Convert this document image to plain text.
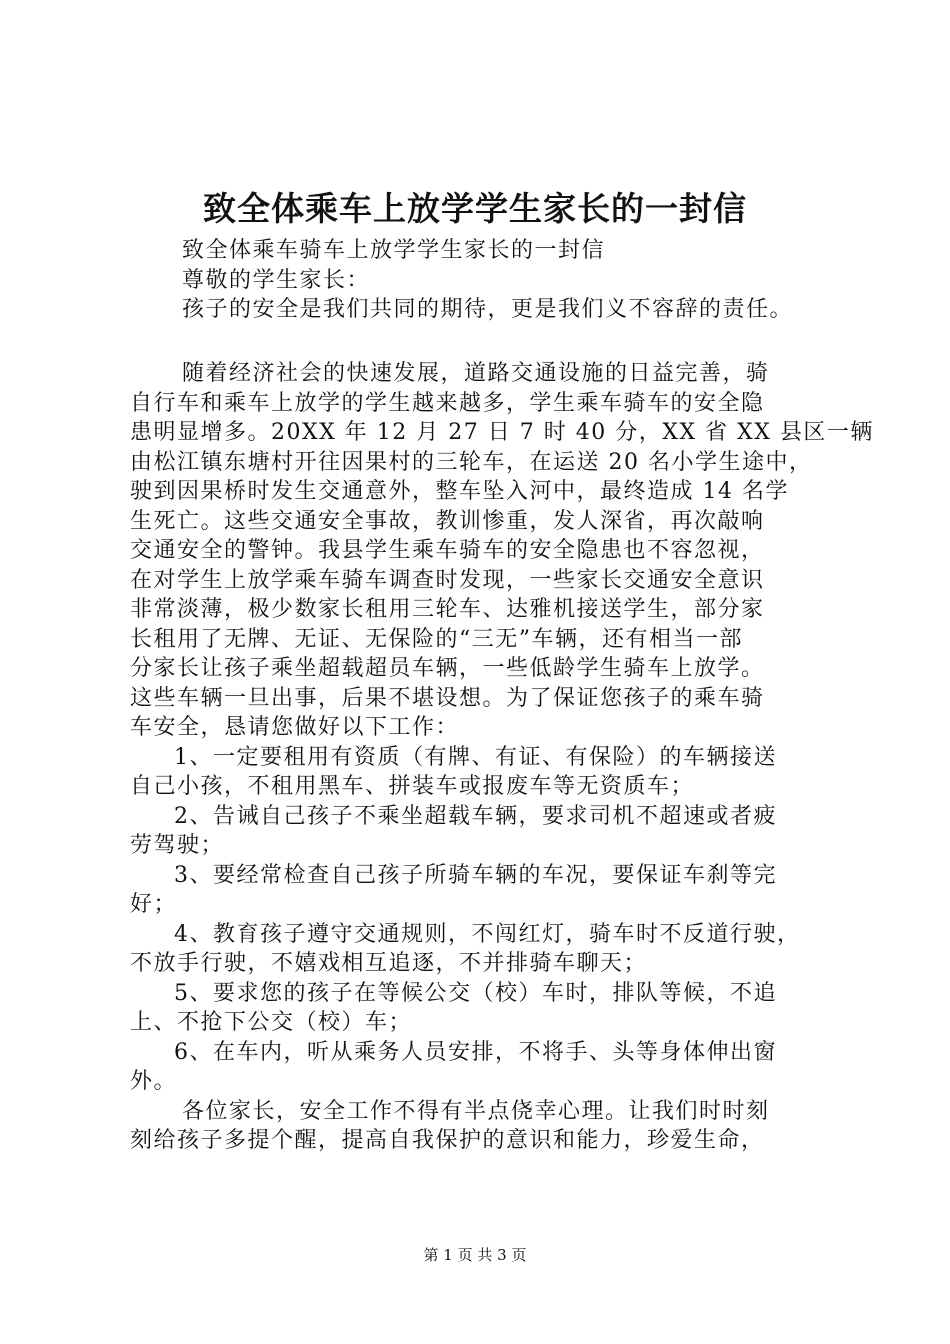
致全体乘车上放学学生家长的一封信
致全体乘车骑车上放学学生家长的一封信
尊敬的学生家长：
孩子的安全是我们共同的期待，更是我们义不容辞的责任。
随着经济社会的快速发展，道路交通设施的日益完善，骑
自行车和乘车上放学的学生越来越多，学生乘车骑车的安全隐
患明显增多。20XX 年 12 月 27 日 7 时 40 分，XX 省 XX 县区一辆
由松江镇东塘村开往因果村的三轮车，在运送 20 名小学生途中，
驶到因果桥时发生交通意外，整车坠入河中，最终造成 14 名学
生死亡。这些交通安全事故，教训惨重，发人深省，再次敲响
交通安全的警钟。我县学生乘车骑车的安全隐患也不容忽视，
在对学生上放学乘车骑车调查时发现，一些家长交通安全意识
非常淡薄，极少数家长租用三轮车、达雅机接送学生，部分家
长租用了无牌、无证、无保险的“三无”车辆，还有相当一部
分家长让孩子乘坐超载超员车辆，一些低龄学生骑车上放学。
这些车辆一旦出事，后果不堪设想。为了保证您孩子的乘车骑
车安全，恳请您做好以下工作：
1、一定要租用有资质（有牌、有证、有保险）的车辆接送
自己小孩，不租用黑车、拼装车或报废车等无资质车；
2、告诫自己孩子不乘坐超载车辆，要求司机不超速或者疲
劳驾驶；
3、要经常检查自己孩子所骑车辆的车况，要保证车刹等完
好；
4、教育孩子遵守交通规则，不闯红灯，骑车时不反道行驶，
不放手行驶，不嬉戏相互追逐，不并排骑车聊天；
5、要求您的孩子在等候公交（校）车时，排队等候，不追
上、不抢下公交（校）车；
6、在车内，听从乘务人员安排，不将手、头等身体伸出窗
外。
各位家长，安全工作不得有半点侥幸心理。让我们时时刻
刻给孩子多提个醒，提高自我保护的意识和能力，珍爱生命，
第 1 页 共 3 页
